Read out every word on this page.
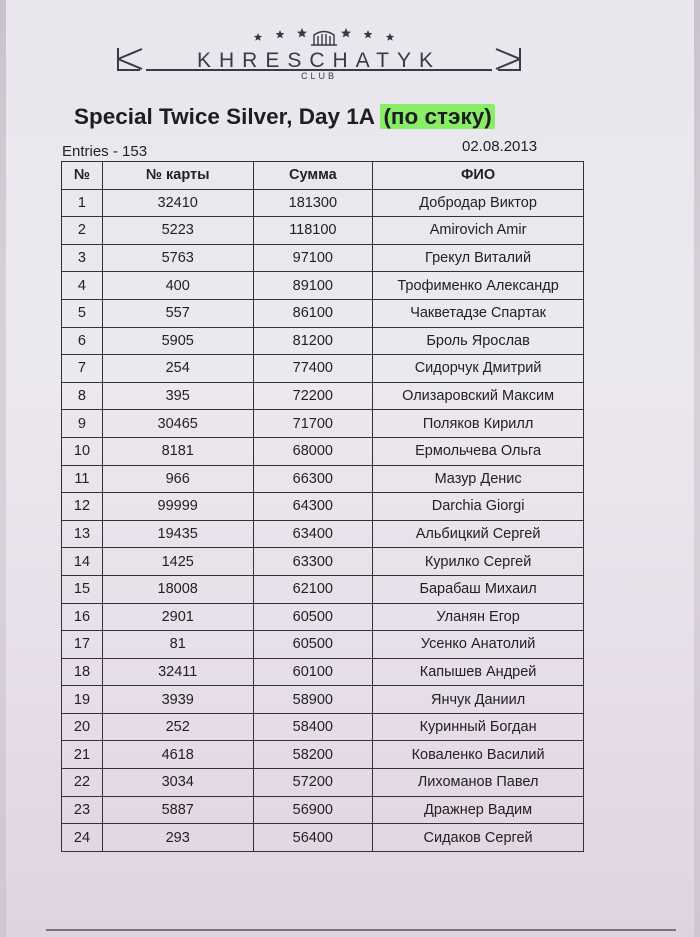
KHRESCHATYK
CLUB
Special Twice Silver, Day 1A (по стэку)
Entries - 153	02.08.2013
№	№ карты	Сумма	ФИО
1	32410	181300	Добродар Виктор
2	5223	118100	Amirovich Amir
3	5763	97100	Грекул Виталий
4	400	89100	Трофименко Александр
5	557	86100	Чакветадзе Спартак
6	5905	81200	Броль Ярослав
7	254	77400	Сидорчук Дмитрий
8	395	72200	Олизаровский Максим
9	30465	71700	Поляков Кирилл
10	8181	68000	Ермольчева Ольга
11	966	66300	Мазур Денис
12	99999	64300	Darchia Giorgi
13	19435	63400	Альбицкий Сергей
14	1425	63300	Курилко Сергей
15	18008	62100	Барабаш Михаил
16	2901	60500	Уланян Егор
17	81	60500	Усенко Анатолий
18	32411	60100	Капышев Андрей
19	3939	58900	Янчук Даниил
20	252	58400	Куринный Богдан
21	4618	58200	Коваленко Василий
22	3034	57200	Лихоманов Павел
23	5887	56900	Дражнер Вадим
24	293	56400	Сидаков Сергей
